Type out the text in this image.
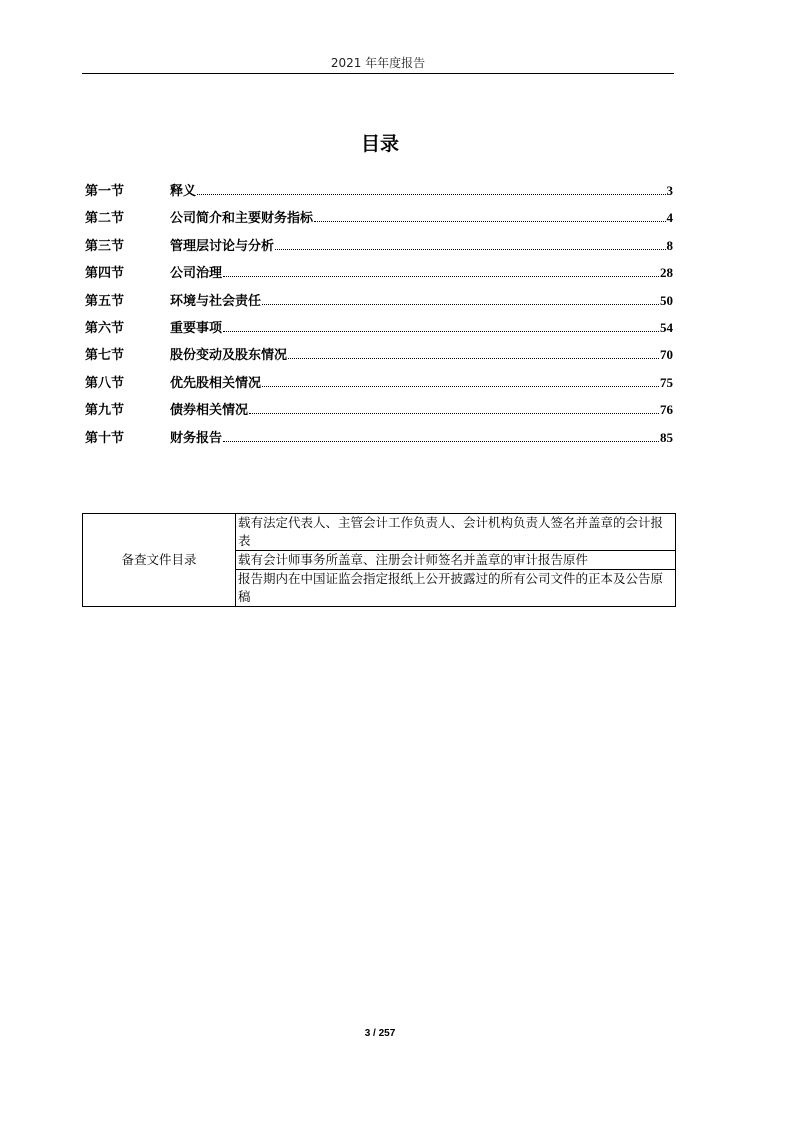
2021 年年度报告
目录
第一节	释义	3
第二节	公司简介和主要财务指标	4
第三节	管理层讨论与分析	8
第四节	公司治理	28
第五节	环境与社会责任	50
第六节	重要事项	54
第七节	股份变动及股东情况	70
第八节	优先股相关情况	75
第九节	债券相关情况	76
第十节	财务报告	85
备查文件目录	载有法定代表人、主管会计工作负责人、会计机构负责人签名并盖章的会计报表
载有会计师事务所盖章、注册会计师签名并盖章的审计报告原件
报告期内在中国证监会指定报纸上公开披露过的所有公司文件的正本及公告原稿
3 / 257
